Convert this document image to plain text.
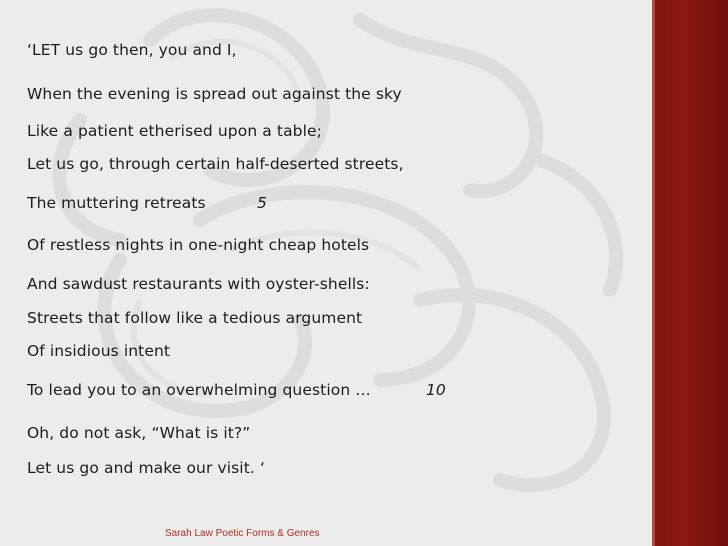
‘LET us go then, you and I,
When the evening is spread out against the sky
Like a patient etherised upon a table;
Let us go, through certain half-deserted streets,
The muttering retreats	5
Of restless nights in one-night cheap hotels
And sawdust restaurants with oyster-shells:
Streets that follow like a tedious argument
Of insidious intent
To lead you to an overwhelming question …	10
Oh, do not ask, “What is it?”
Let us go and make our visit. ‘
Sarah Law Poetic Forms & Genres
